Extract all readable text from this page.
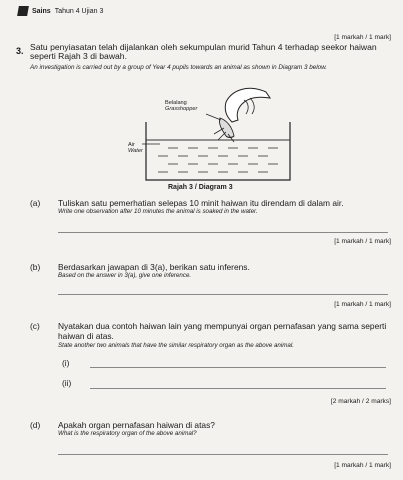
Sains Tahun 4 Ujian 3
[1 markah / 1 mark]
3. Satu penyiasatan telah dijalankan oleh sekumpulan murid Tahun 4 terhadap seekor haiwan seperti Rajah 3 di bawah.
An investigation is carried out by a group of Year 4 pupils towards an animal as shown in Diagram 3 below.
Belalang
Grasshopper
Air
Water
Rajah 3 / Diagram 3
(a) Tuliskan satu pemerhatian selepas 10 minit haiwan itu direndam di dalam air.
Write one observation after 10 minutes the animal is soaked in the water.
[1 markah / 1 mark]
(b) Berdasarkan jawapan di 3(a), berikan satu inferens.
Based on the answer in 3(a), give one inference.
[1 markah / 1 mark]
(c) Nyatakan dua contoh haiwan lain yang mempunyai organ pernafasan yang sama seperti haiwan di atas.
State another two animals that have the similar respiratory organ as the above animal.
(i)
(ii)
[2 markah / 2 marks]
(d) Apakah organ pernafasan haiwan di atas?
What is the respiratory organ of the above animal?
[1 markah / 1 mark]
